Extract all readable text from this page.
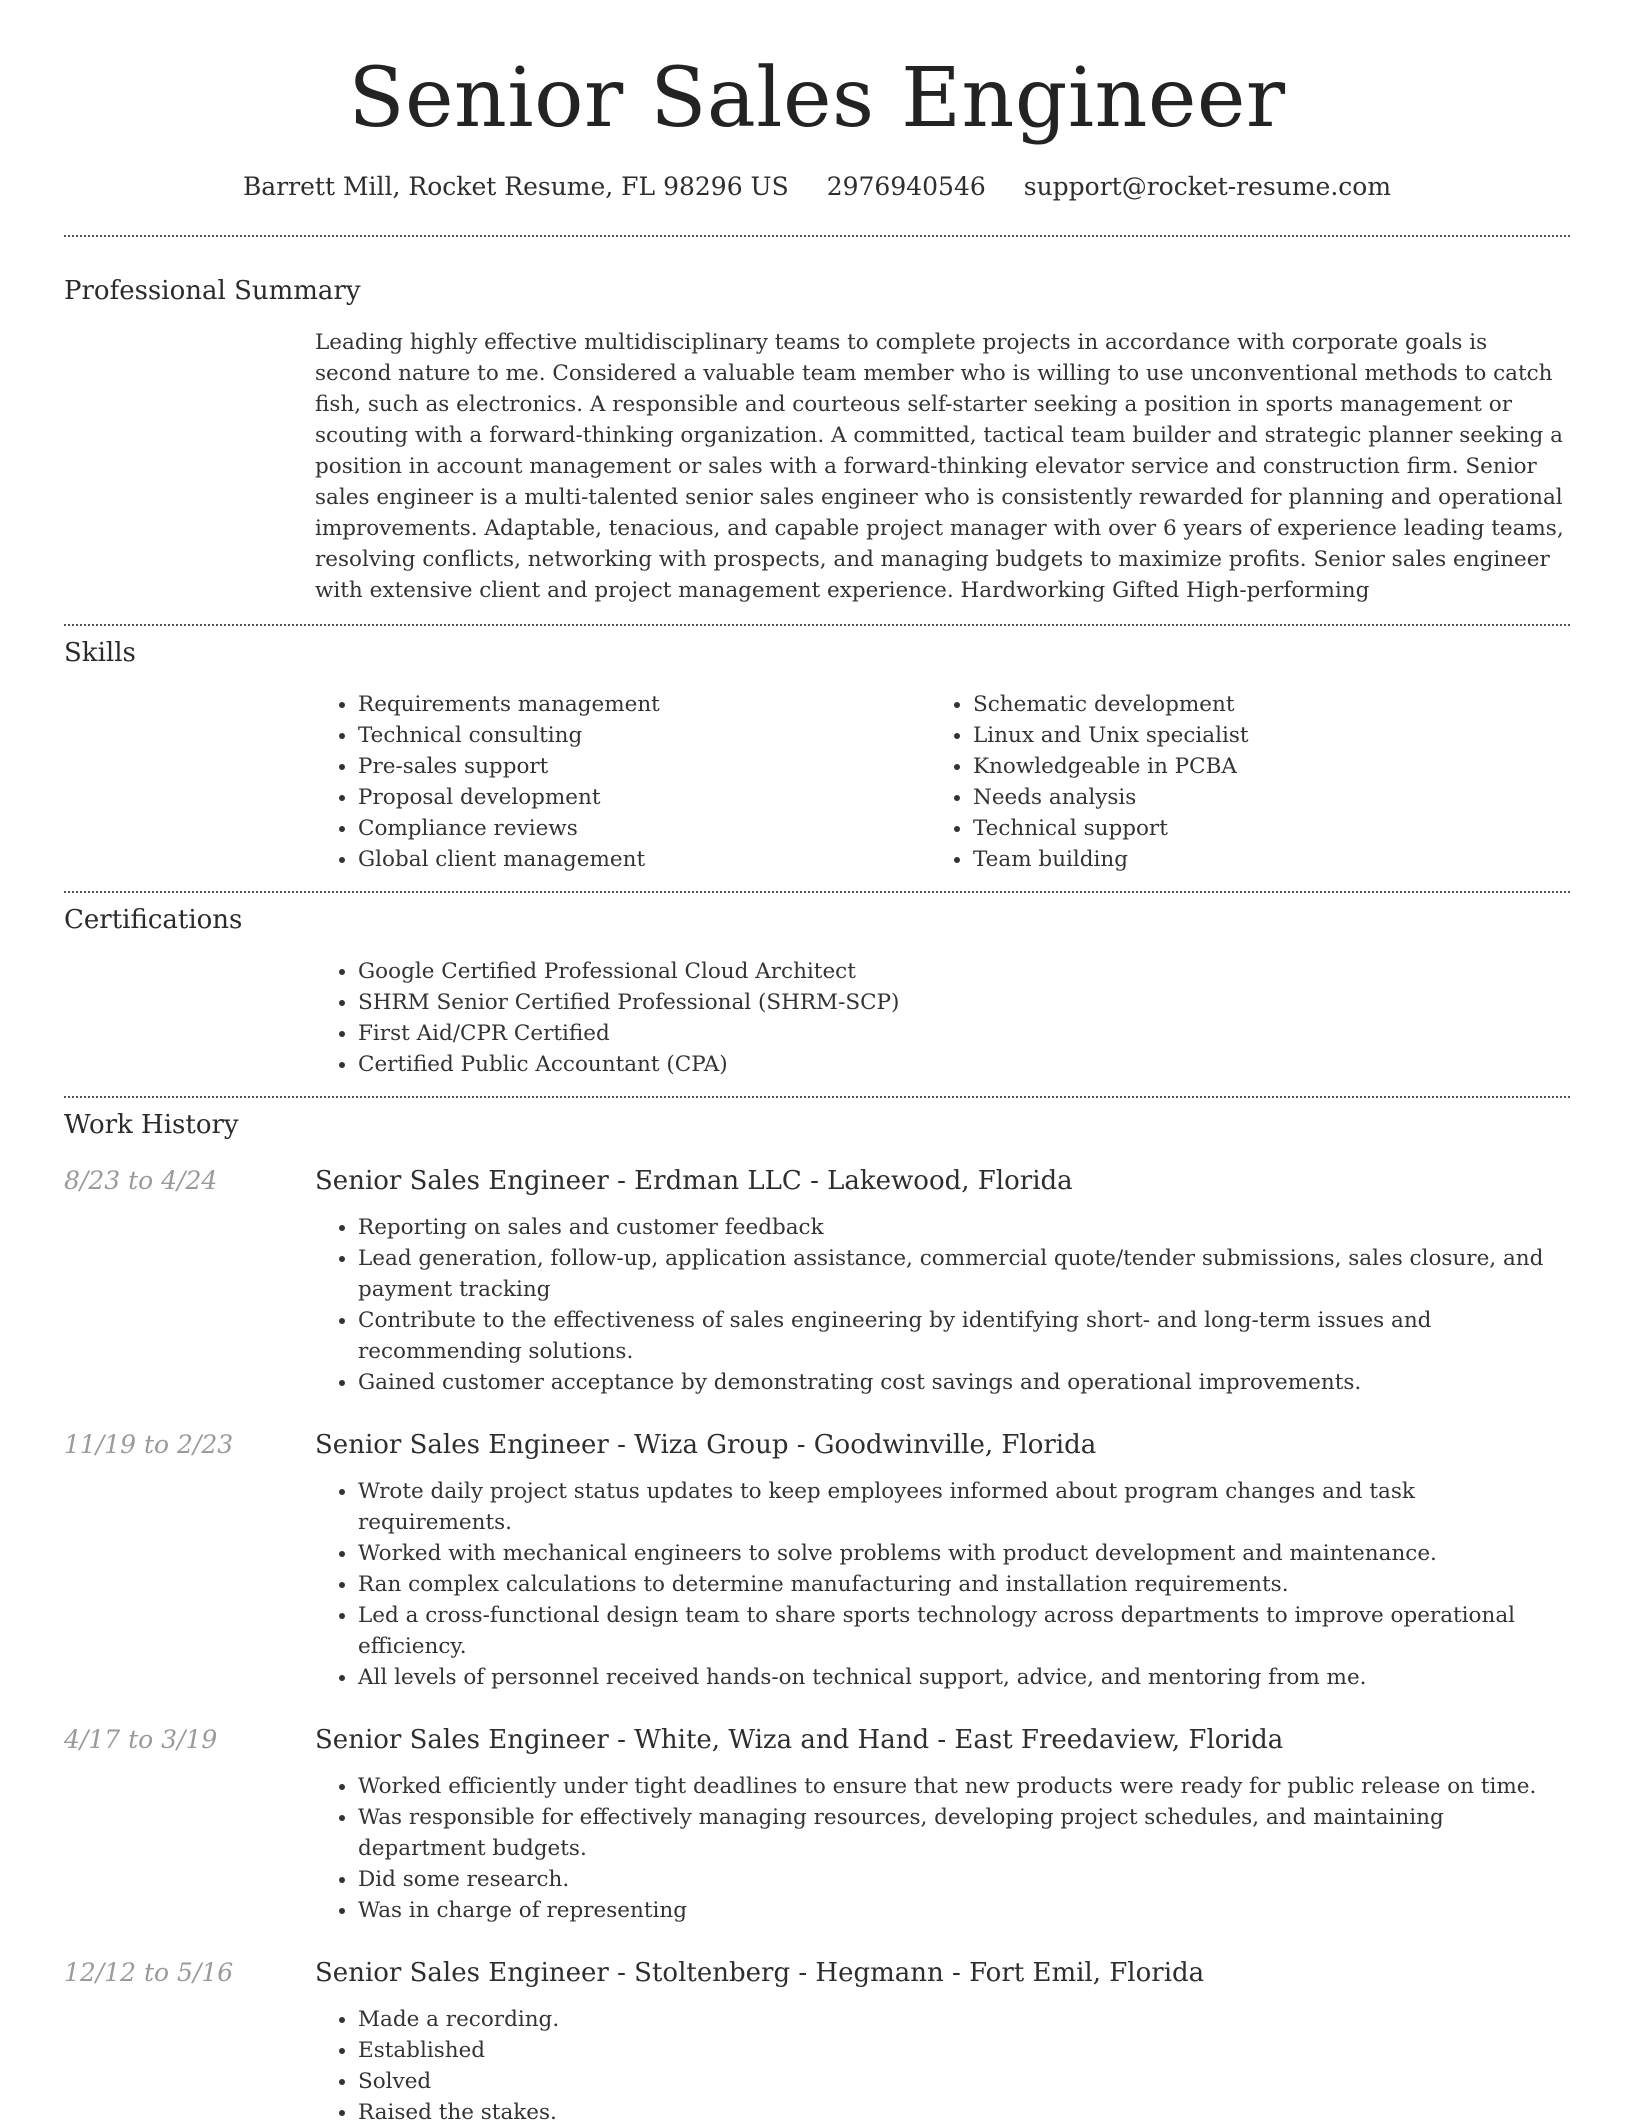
Senior Sales Engineer
Barrett Mill, Rocket Resume, FL 98296 US 2976940546 support@rocket-resume.com
Professional Summary
Leading highly effective multidisciplinary teams to complete projects in accordance with corporate goals is second nature to me. Considered a valuable team member who is willing to use unconventional methods to catch fish, such as electronics. A responsible and courteous self-starter seeking a position in sports management or scouting with a forward-thinking organization. A committed, tactical team builder and strategic planner seeking a position in account management or sales with a forward-thinking elevator service and construction firm. Senior sales engineer is a multi-talented senior sales engineer who is consistently rewarded for planning and operational improvements. Adaptable, tenacious, and capable project manager with over 6 years of experience leading teams, resolving conflicts, networking with prospects, and managing budgets to maximize profits. Senior sales engineer with extensive client and project management experience. Hardworking Gifted High-performing
Skills
• Requirements management
• Technical consulting
• Pre-sales support
• Proposal development
• Compliance reviews
• Global client management
• Schematic development
• Linux and Unix specialist
• Knowledgeable in PCBA
• Needs analysis
• Technical support
• Team building
Certifications
• Google Certified Professional Cloud Architect
• SHRM Senior Certified Professional (SHRM-SCP)
• First Aid/CPR Certified
• Certified Public Accountant (CPA)
Work History
8/23 to 4/24	Senior Sales Engineer - Erdman LLC - Lakewood, Florida
• Reporting on sales and customer feedback
• Lead generation, follow-up, application assistance, commercial quote/tender submissions, sales closure, and payment tracking
• Contribute to the effectiveness of sales engineering by identifying short- and long-term issues and recommending solutions.
• Gained customer acceptance by demonstrating cost savings and operational improvements.
11/19 to 2/23	Senior Sales Engineer - Wiza Group - Goodwinville, Florida
• Wrote daily project status updates to keep employees informed about program changes and task requirements.
• Worked with mechanical engineers to solve problems with product development and maintenance.
• Ran complex calculations to determine manufacturing and installation requirements.
• Led a cross-functional design team to share sports technology across departments to improve operational efficiency.
• All levels of personnel received hands-on technical support, advice, and mentoring from me.
4/17 to 3/19	Senior Sales Engineer - White, Wiza and Hand - East Freedaview, Florida
• Worked efficiently under tight deadlines to ensure that new products were ready for public release on time.
• Was responsible for effectively managing resources, developing project schedules, and maintaining department budgets.
• Did some research.
• Was in charge of representing
12/12 to 5/16	Senior Sales Engineer - Stoltenberg - Hegmann - Fort Emil, Florida
• Made a recording.
• Established
• Solved
• Raised the stakes.
